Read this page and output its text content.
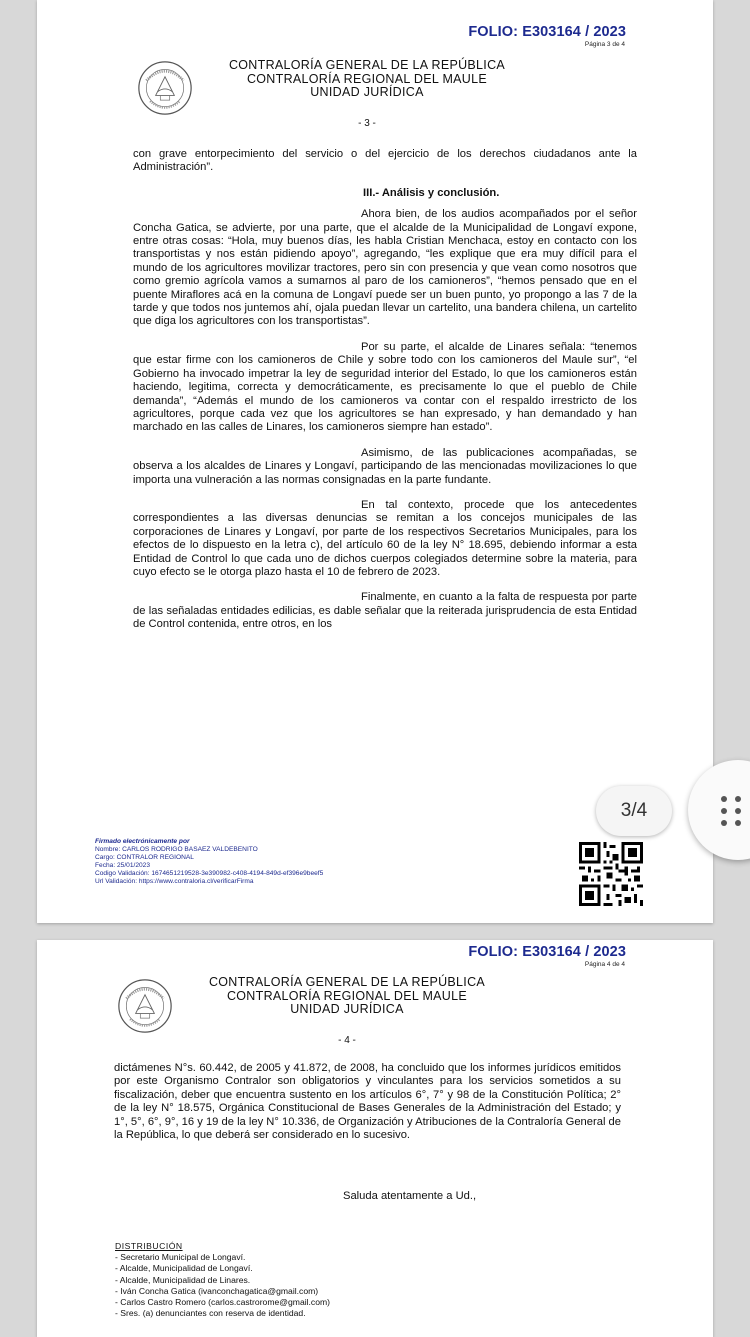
FOLIO: E303164 / 2023
Página 3 de 4
CONTRALORÍA GENERAL DE LA REPÚBLICA
CONTRALORÍA REGIONAL DEL MAULE
UNIDAD JURÍDICA
- 3 -

con grave entorpecimiento del servicio o del ejercicio de los derechos ciudadanos ante la Administración”.

III.- Análisis y conclusión.

Ahora bien, de los audios acompañados por el señor Concha Gatica, se advierte, por una parte, que el alcalde de la Municipalidad de Longaví expone, entre otras cosas: “Hola, muy buenos días, les habla Cristian Menchaca, estoy en contacto con los transportistas y nos están pidiendo apoyo”, agregando, “les explique que era muy difícil para el mundo de los agricultores movilizar tractores, pero sin con presencia y que vean como nosotros que como gremio agrícola vamos a sumarnos al paro de los camioneros”, “hemos pensado que en el puente Miraflores acá en la comuna de Longaví puede ser un buen punto, yo propongo a las 7 de la tarde y que todos nos juntemos ahí, ojala puedan llevar un cartelito, una bandera chilena, un cartelito que diga los agricultores con los transportistas”.

Por su parte, el alcalde de Linares señala: “tenemos que estar firme con los camioneros de Chile y sobre todo con los camioneros del Maule sur”, “el Gobierno ha invocado impetrar la ley de seguridad interior del Estado, lo que los camioneros están haciendo, legitima, correcta y democráticamente, es precisamente lo que el pueblo de Chile demanda”, “Además el mundo de los camioneros va contar con el respaldo irrestricto de los agricultores, porque cada vez que los agricultores se han expresado, y han demandado y han marchado en las calles de Linares, los camioneros siempre han estado”.

Asimismo, de las publicaciones acompañadas, se observa a los alcaldes de Linares y Longaví, participando de las mencionadas movilizaciones lo que importa una vulneración a las normas consignadas en la parte fundante.

En tal contexto, procede que los antecedentes correspondientes a las diversas denuncias se remitan a los concejos municipales de las corporaciones de Linares y Longaví, por parte de los respectivos Secretarios Municipales, para los efectos de lo dispuesto en la letra c), del artículo 60 de la ley N° 18.695, debiendo informar a esta Entidad de Control lo que cada uno de dichos cuerpos colegiados determine sobre la materia, para cuyo efecto se le otorga plazo hasta el 10 de febrero de 2023.

Finalmente, en cuanto a la falta de respuesta por parte de las señaladas entidades edilicias, es dable señalar que la reiterada jurisprudencia de esta Entidad de Control contenida, entre otros, en los

Firmado electrónicamente por
Nombre: CARLOS RODRIGO BASAEZ VALDEBENITO
Cargo: CONTRALOR REGIONAL
Fecha: 25/01/2023
Codigo Validación: 1674651219528-3e390982-c408-4194-849d-ef396e9beef5
Url Validación: https://www.contraloria.cl/verificarFirma
FOLIO: E303164 / 2023
Página 4 de 4
CONTRALORÍA GENERAL DE LA REPÚBLICA
CONTRALORÍA REGIONAL DEL MAULE
UNIDAD JURÍDICA
- 4 -

dictámenes N°s. 60.442, de 2005 y 41.872, de 2008, ha concluido que los informes jurídicos emitidos por este Organismo Contralor son obligatorios y vinculantes para los servicios sometidos a su fiscalización, deber que encuentra sustento en los artículos 6°, 7° y 98 de la Constitución Política; 2° de la ley N° 18.575, Orgánica Constitucional de Bases Generales de la Administración del Estado; y 1°, 5°, 6°, 9°, 16 y 19 de la ley N° 10.336, de Organización y Atribuciones de la Contraloría General de la República, lo que deberá ser considerado en lo sucesivo.

Saluda atentamente a Ud.,
DISTRIBUCIÓN
- Secretario Municipal de Longaví.
- Alcalde, Municipalidad de Longaví.
- Alcalde, Municipalidad de Linares.
- Iván Concha Gatica (ivanconchagatica@gmail.com)
- Carlos Castro Romero (carlos.castrorome@gmail.com)
- Sres. (a) denunciantes con reserva de identidad.
3/4
